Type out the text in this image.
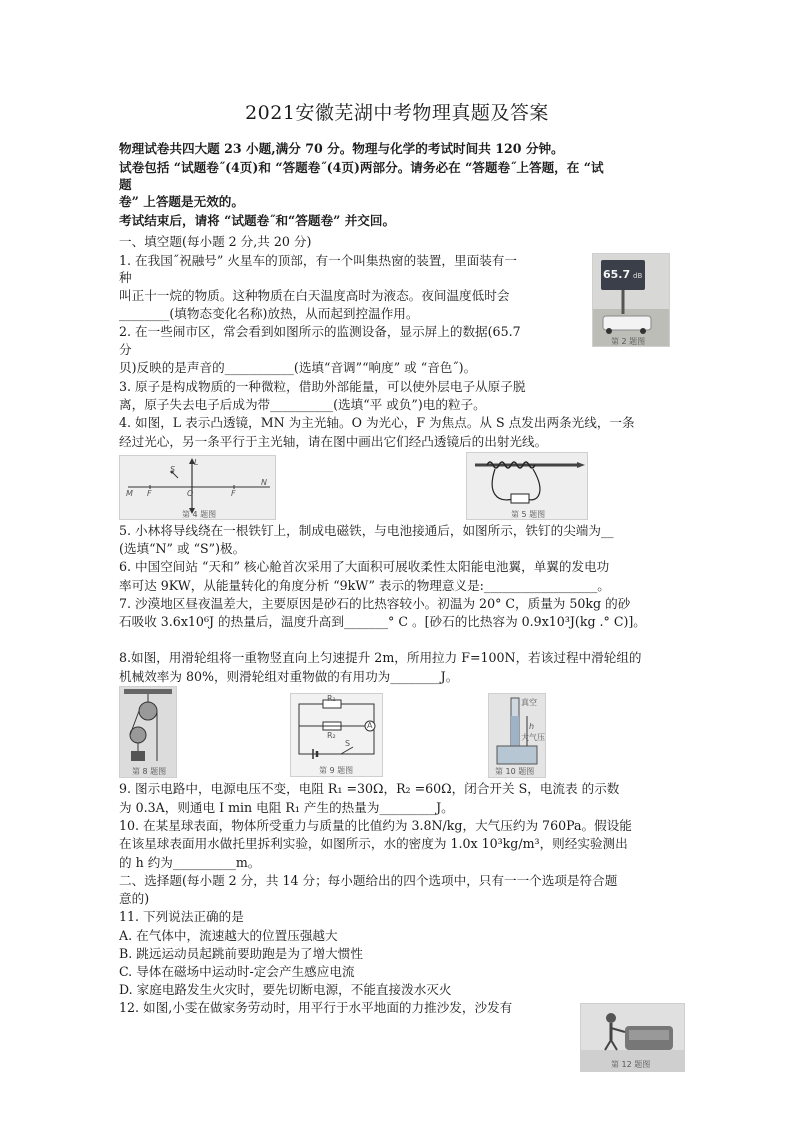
2021安徽芜湖中考物理真题及答案
物理试卷共四大题 23 小题,满分 70 分。物理与化学的考试时间共 120 分钟。
试卷包括 “试题卷˝(4页)和 “答题卷˝(4页)两部分。请务必在 “答题卷˝上答题，在 “试
题
卷” 上答题是无效的。
考试结束后，请将 “试题卷˝和“答题卷” 并交回。
一、填空题(每小题 2 分,共 20 分)
1. 在我国˝祝融号” 火星车的顶部，有一个叫集热窗的装置，里面装有一
种
叫正十一烷的物质。这种物质在白天温度高时为液态。夜间温度低时会
________(填物态变化名称)放热，从而起到控温作用。
2. 在一些闹市区，常会看到如图所示的监测设备，显示屏上的数据(65.7
分
贝)反映的是声音的___________(选填“音调”“响度” 或 “音色˝)。
3. 原子是构成物质的一种微粒，借助外部能量，可以使外层电子从原子脱
离，原子失去电子后成为带__________(选填“平 或负”)电的粒子。
4. 如图，L 表示凸透镜，MN 为主光轴。O 为光心，F 为焦点。从 S 点发出两条光线，一条
经过光心，另一条平行于主光轴，请在图中画出它们经凸透镜后的出射光线。
5. 小林将导线绕在一根铁钉上，制成电磁铁，与电池接通后，如图所示，铁钉的尖端为__
(选填“N” 或 “S”)极。
6. 中国空间站 “天和” 核心舱首次采用了大面积可展收柔性太阳能电池翼，单翼的发电功
率可达 9KW，从能量转化的角度分析 “9kW” 表示的物理意义是:__________________。
7. 沙漠地区昼夜温差大，主要原因是砂石的比热容较小。初温为 20° C，质量为 50kg 的砂
石吸收 3.6x10⁶J 的热量后，温度升高到_______° C 。[砂石的比热容为 0.9x10³J(kg .° C)]。
8.如图，用滑轮组将一重物竖直向上匀速提升 2m，所用拉力 F=100N，若该过程中滑轮组的
机械效率为 80%，则滑轮组对重物做的有用功为________J。
9. 图示电路中，电源电压不变，电阻 R₁ =30Ω，R₂ =60Ω，闭合开关 S，电流表 的示数
为 0.3A，则通电 I min 电阻 R₁ 产生的热量为_________J。
10. 在某星球表面，物体所受重力与质量的比值约为 3.8N/kg，大气压约为 760Pa。假设能
在该星球表面用水做托里拆利实验，如图所示，水的密度为 1.0x 10³kg/m³，则经实验测出
的 h 约为__________m。
二、选择题(每小题 2 分，共 14 分；每小题给出的四个选项中，只有一一个选项是符合题
意的)
11. 下列说法正确的是
A. 在气体中，流速越大的位置压强越大
B. 跳远运动员起跳前要助跑是为了增大惯性
C. 导体在磁场中运动时-定会产生感应电流
D. 家庭电路发生火灾时，要先切断电源，不能直接泼水灭火
12. 如图,小雯在做家务劳动时，用平行于水平地面的力推沙发，沙发有
65.7 dB
第 2 题图
L
S
M F	O	F
N
第 4 题图	第 5 题图
第 8 题图
R₁
R₂
A
S
第 9 题图
真空
大气压
h
第 10 题图
第 12 题图
